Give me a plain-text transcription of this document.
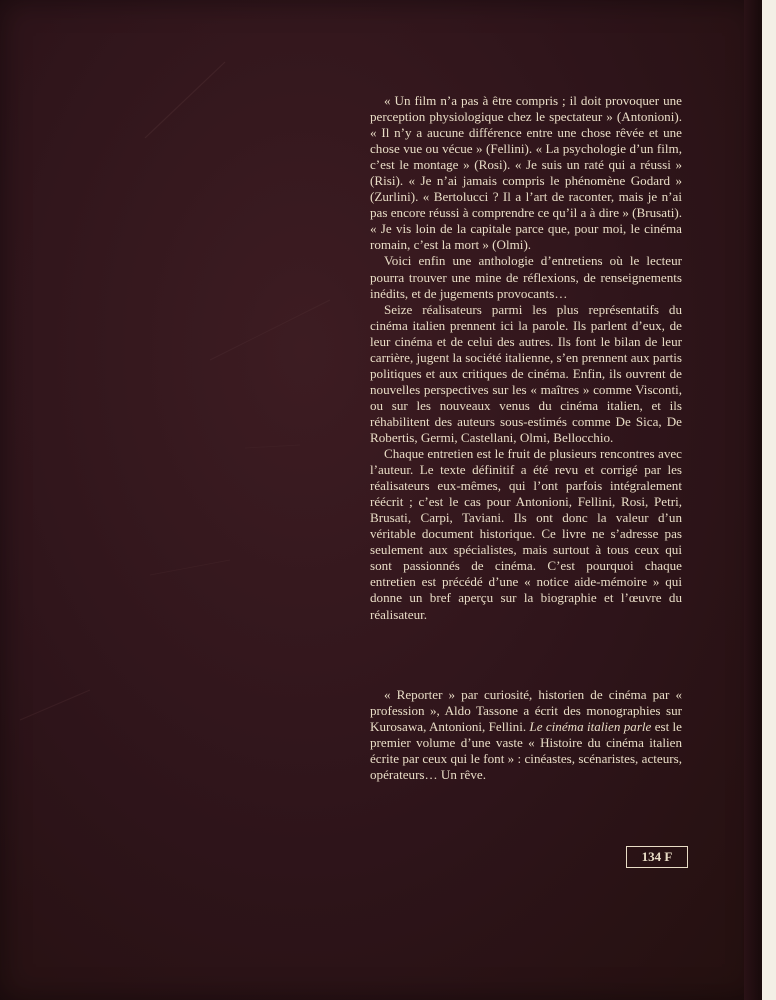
« Un film n’a pas à être compris ; il doit provoquer une perception physiologique chez le spectateur » (Antonioni). « Il n’y a aucune différence entre une chose rêvée et une chose vue ou vécue » (Fellini). « La psychologie d’un film, c’est le montage » (Rosi). « Je suis un raté qui a réussi » (Risi). « Je n’ai jamais compris le phénomène Godard » (Zurlini). « Bertolucci ? Il a l’art de raconter, mais je n’ai pas encore réussi à comprendre ce qu’il a à dire » (Brusati). « Je vis loin de la capitale parce que, pour moi, le cinéma romain, c’est la mort » (Olmi).

Voici enfin une anthologie d’entretiens où le lecteur pourra trouver une mine de réflexions, de renseignements inédits, et de jugements provocants…

Seize réalisateurs parmi les plus représentatifs du cinéma italien prennent ici la parole. Ils parlent d’eux, de leur cinéma et de celui des autres. Ils font le bilan de leur carrière, jugent la société italienne, s’en prennent aux partis politiques et aux critiques de cinéma. Enfin, ils ouvrent de nouvelles perspectives sur les « maîtres » comme Visconti, ou sur les nouveaux venus du cinéma italien, et ils réhabilitent des auteurs sous-estimés comme De Sica, De Robertis, Germi, Castellani, Olmi, Bellocchio.

Chaque entretien est le fruit de plusieurs rencontres avec l’auteur. Le texte définitif a été revu et corrigé par les réalisateurs eux-mêmes, qui l’ont parfois intégralement réécrit ; c’est le cas pour Antonioni, Fellini, Rosi, Petri, Brusati, Carpi, Taviani. Ils ont donc la valeur d’un véritable document historique. Ce livre ne s’adresse pas seulement aux spécialistes, mais surtout à tous ceux qui sont passionnés de cinéma. C’est pourquoi chaque entretien est précédé d’une « notice aide-mémoire » qui donne un bref aperçu sur la biographie et l’œuvre du réalisateur.

« Reporter » par curiosité, historien de cinéma par « profession », Aldo Tassone a écrit des monographies sur Kurosawa, Antonioni, Fellini. Le cinéma italien parle est le premier volume d’une vaste « Histoire du cinéma italien écrite par ceux qui le font » : cinéastes, scénaristes, acteurs, opérateurs… Un rêve.

134 F
